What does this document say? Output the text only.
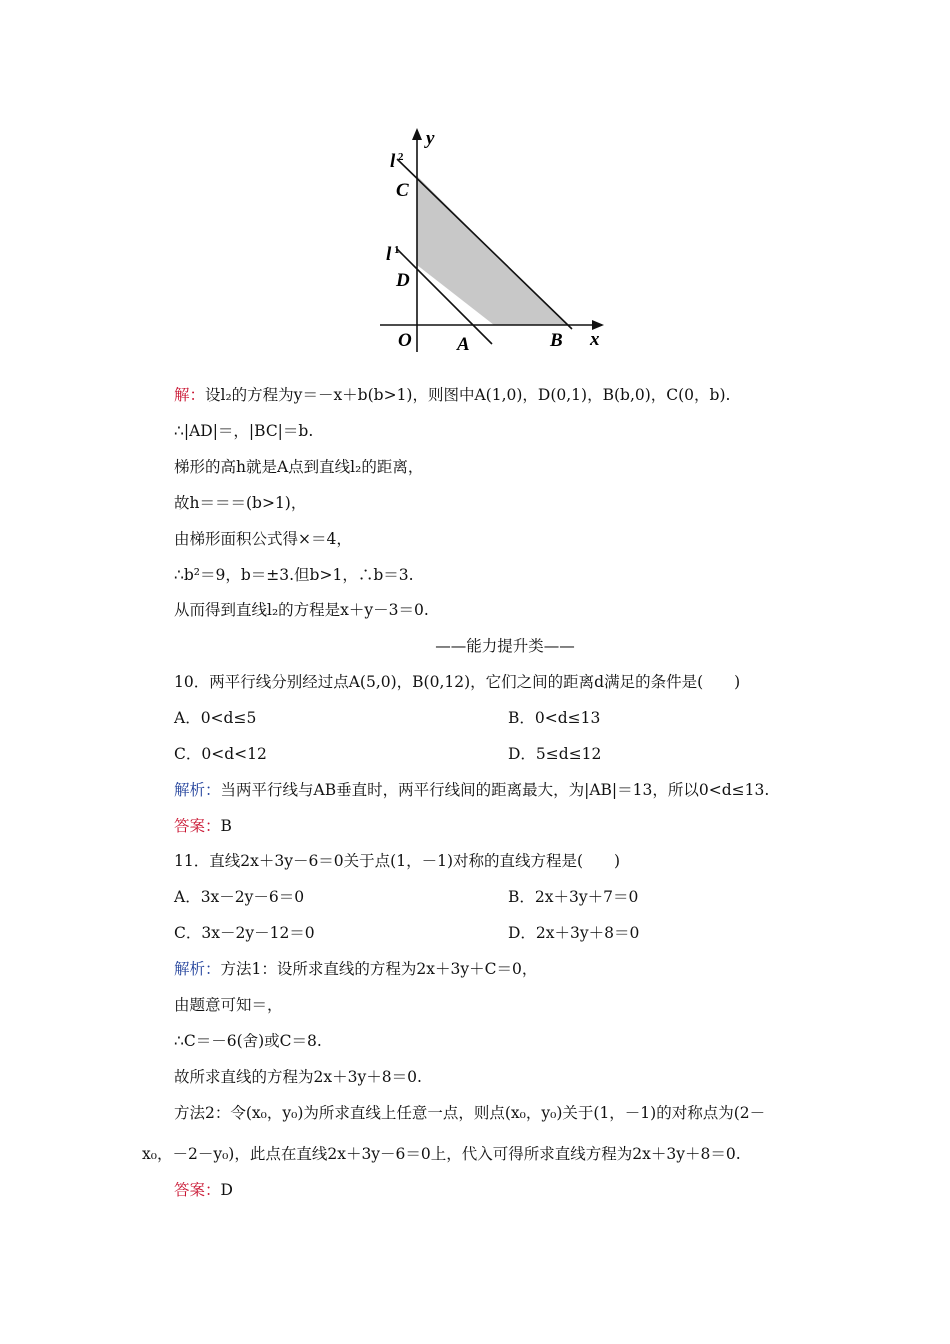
y
x
O
l 2
l 1
C
D
A	B
解：设l₂的方程为y＝－x＋b(b>1)，则图中A(1,0)，D(0,1)，B(b,0)，C(0，b).
∴|AD|＝，|BC|＝b.
梯形的高h就是A点到直线l₂的距离，
故h＝＝＝(b>1)，
由梯形面积公式得×＝4，
∴b²＝9，b＝±3.但b>1，∴b＝3.
从而得到直线l₂的方程是x＋y－3＝0.
——能力提升类——
10．两平行线分别经过点A(5,0)，B(0,12)，它们之间的距离d满足的条件是(　　)
A．0<d≤5	B．0<d≤13
C．0<d<12	D．5≤d≤12
解析：当两平行线与AB垂直时，两平行线间的距离最大，为|AB|＝13，所以0<d≤13.
答案：B
11．直线2x＋3y－6＝0关于点(1，－1)对称的直线方程是(　　)
A．3x－2y－6＝0	B．2x＋3y＋7＝0
C．3x－2y－12＝0	D．2x＋3y＋8＝0
解析：方法1：设所求直线的方程为2x＋3y＋C＝0，
由题意可知＝，
∴C＝－6(舍)或C＝8.
故所求直线的方程为2x＋3y＋8＝0.
方法2：令(x₀，y₀)为所求直线上任意一点，则点(x₀，y₀)关于(1，－1)的对称点为(2－
x₀，－2－y₀)，此点在直线2x＋3y－6＝0上，代入可得所求直线方程为2x＋3y＋8＝0.
答案：D
